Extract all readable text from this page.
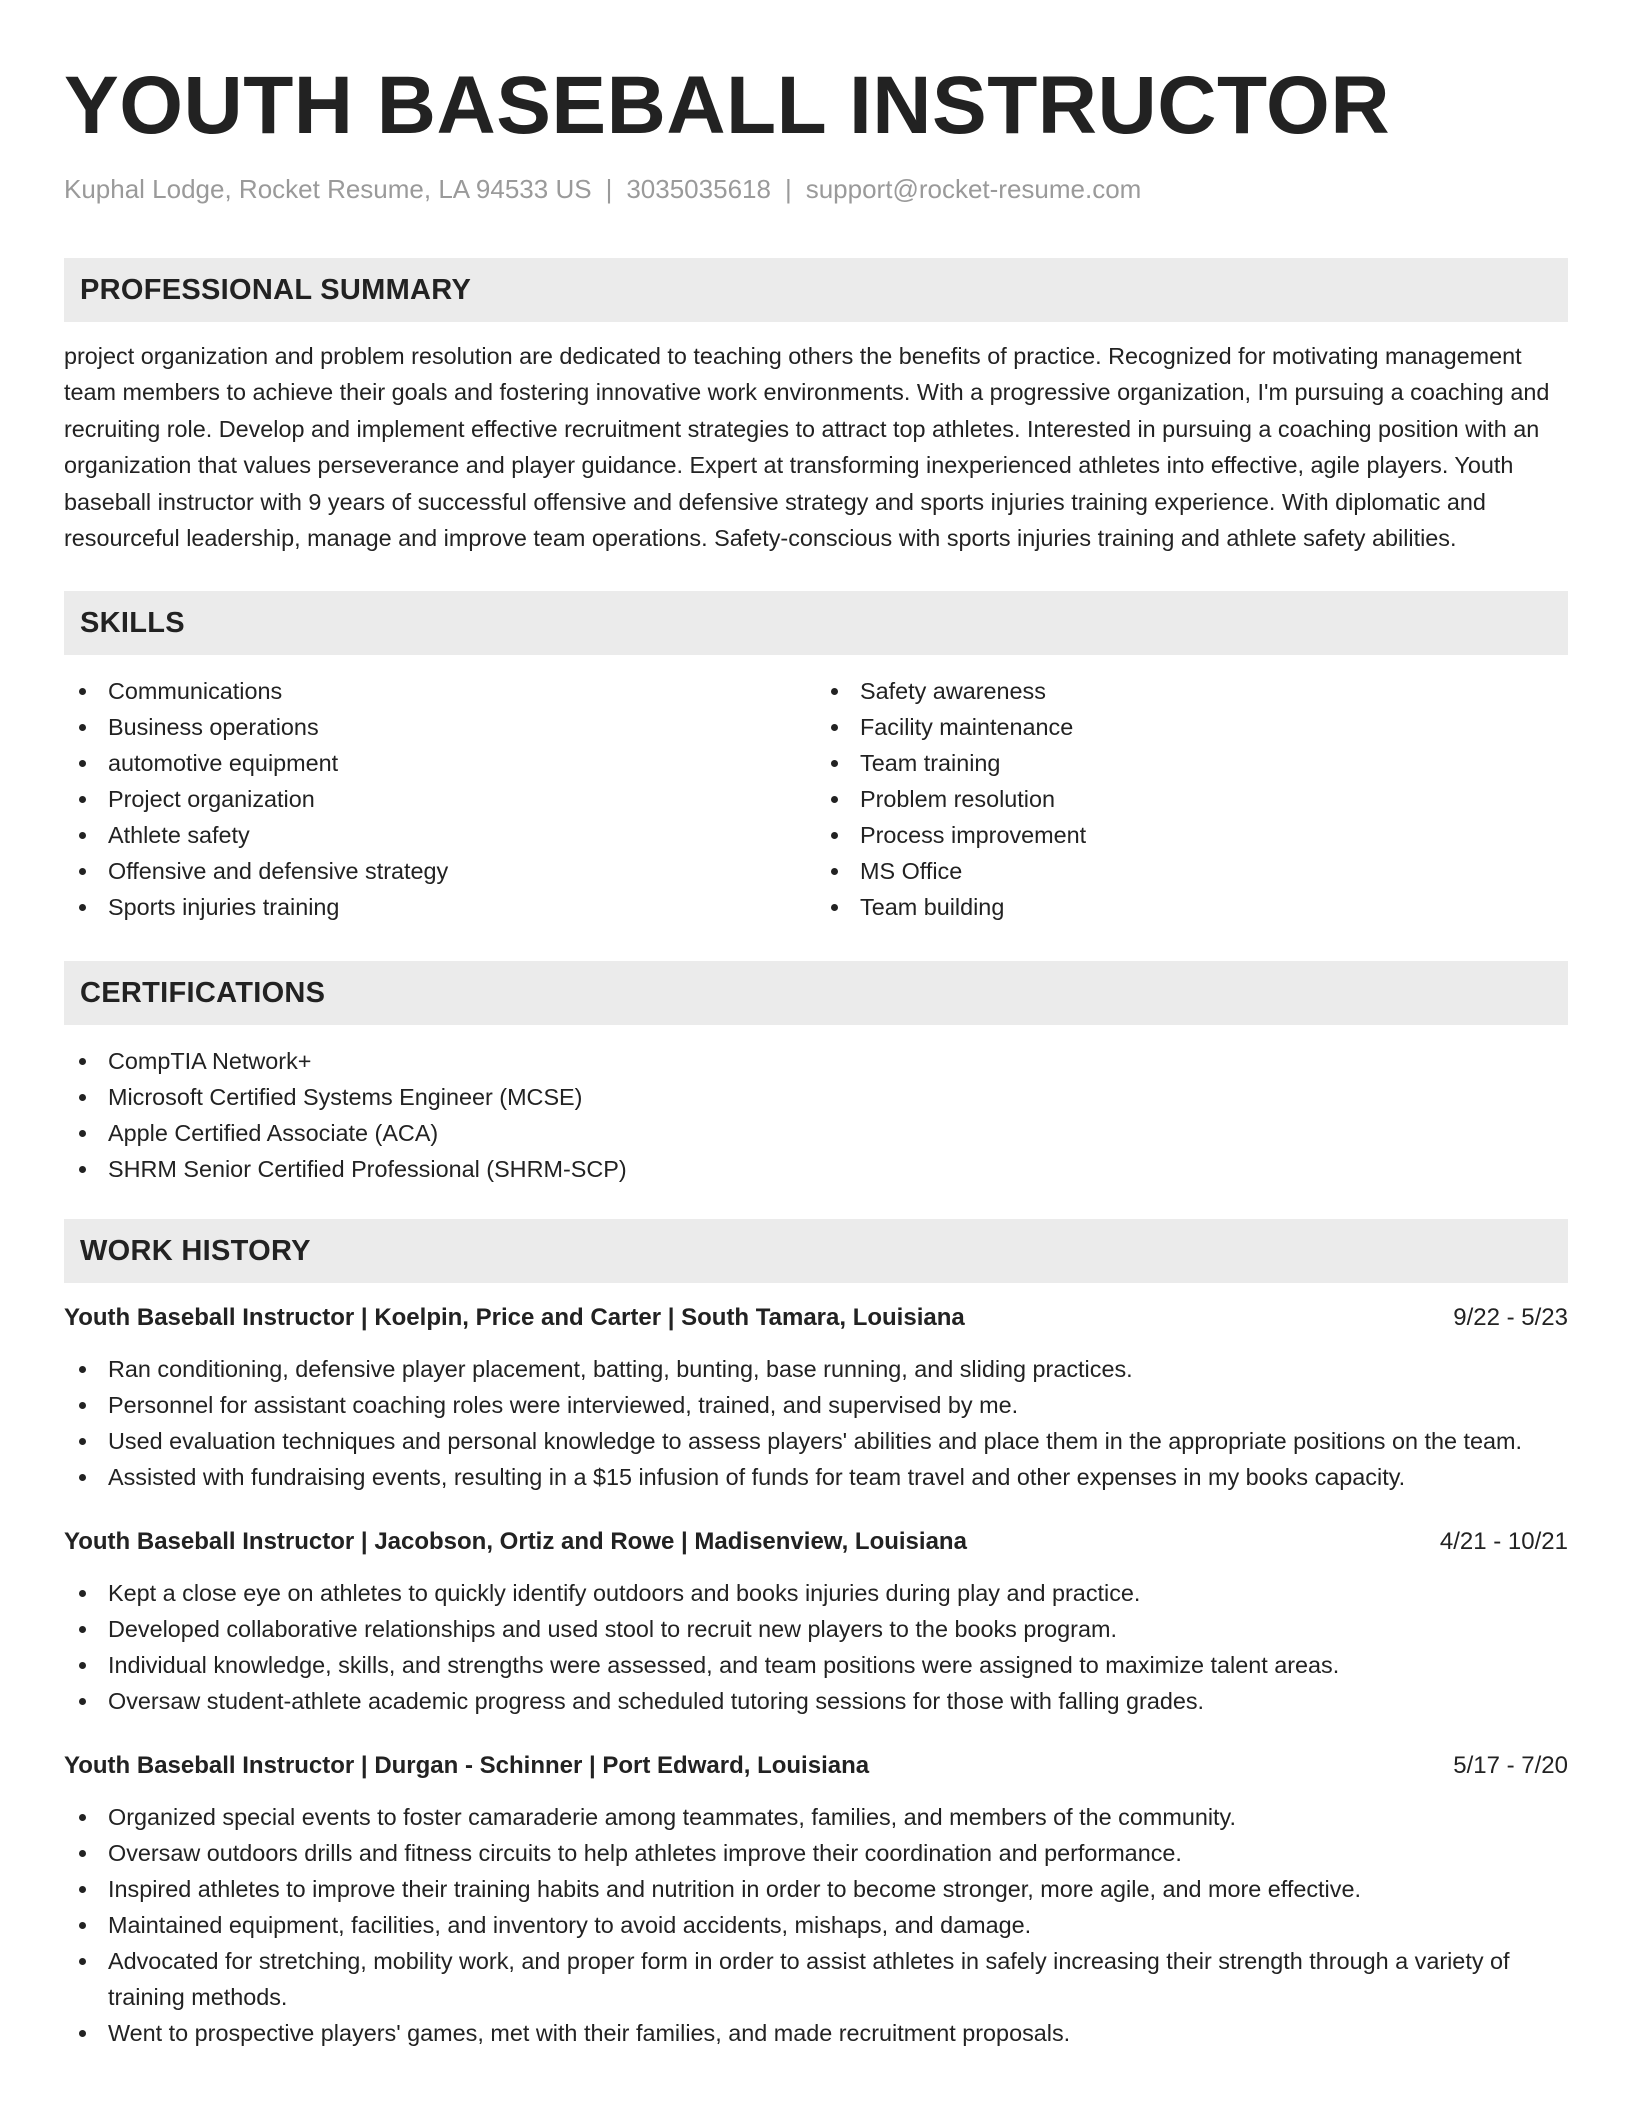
YOUTH BASEBALL INSTRUCTOR
Kuphal Lodge, Rocket Resume, LA 94533 US | 3035035618 | support@rocket-resume.com
PROFESSIONAL SUMMARY

project organization and problem resolution are dedicated to teaching others the benefits of practice. Recognized for motivating management team members to achieve their goals and fostering innovative work environments. With a progressive organization, I'm pursuing a coaching and recruiting role. Develop and implement effective recruitment strategies to attract top athletes. Interested in pursuing a coaching position with an organization that values perseverance and player guidance. Expert at transforming inexperienced athletes into effective, agile players. Youth baseball instructor with 9 years of successful offensive and defensive strategy and sports injuries training experience. With diplomatic and resourceful leadership, manage and improve team operations. Safety-conscious with sports injuries training and athlete safety abilities.

SKILLS
Communications
Business operations
automotive equipment
Project organization
Athlete safety
Offensive and defensive strategy
Sports injuries training
Safety awareness
Facility maintenance
Team training
Problem resolution
Process improvement
MS Office
Team building
CERTIFICATIONS
CompTIA Network+
Microsoft Certified Systems Engineer (MCSE)
Apple Certified Associate (ACA)
SHRM Senior Certified Professional (SHRM-SCP)
WORK HISTORY
Youth Baseball Instructor | Koelpin, Price and Carter | South Tamara, Louisiana	9/22 - 5/23
Ran conditioning, defensive player placement, batting, bunting, base running, and sliding practices.
Personnel for assistant coaching roles were interviewed, trained, and supervised by me.
Used evaluation techniques and personal knowledge to assess players' abilities and place them in the appropriate positions on the team.
Assisted with fundraising events, resulting in a $15 infusion of funds for team travel and other expenses in my books capacity.
Youth Baseball Instructor | Jacobson, Ortiz and Rowe | Madisenview, Louisiana	4/21 - 10/21
Kept a close eye on athletes to quickly identify outdoors and books injuries during play and practice.
Developed collaborative relationships and used stool to recruit new players to the books program.
Individual knowledge, skills, and strengths were assessed, and team positions were assigned to maximize talent areas.
Oversaw student-athlete academic progress and scheduled tutoring sessions for those with falling grades.
Youth Baseball Instructor | Durgan - Schinner | Port Edward, Louisiana	5/17 - 7/20
Organized special events to foster camaraderie among teammates, families, and members of the community.
Oversaw outdoors drills and fitness circuits to help athletes improve their coordination and performance.
Inspired athletes to improve their training habits and nutrition in order to become stronger, more agile, and more effective.
Maintained equipment, facilities, and inventory to avoid accidents, mishaps, and damage.
Advocated for stretching, mobility work, and proper form in order to assist athletes in safely increasing their strength through a variety of training methods.
Went to prospective players' games, met with their families, and made recruitment proposals.
